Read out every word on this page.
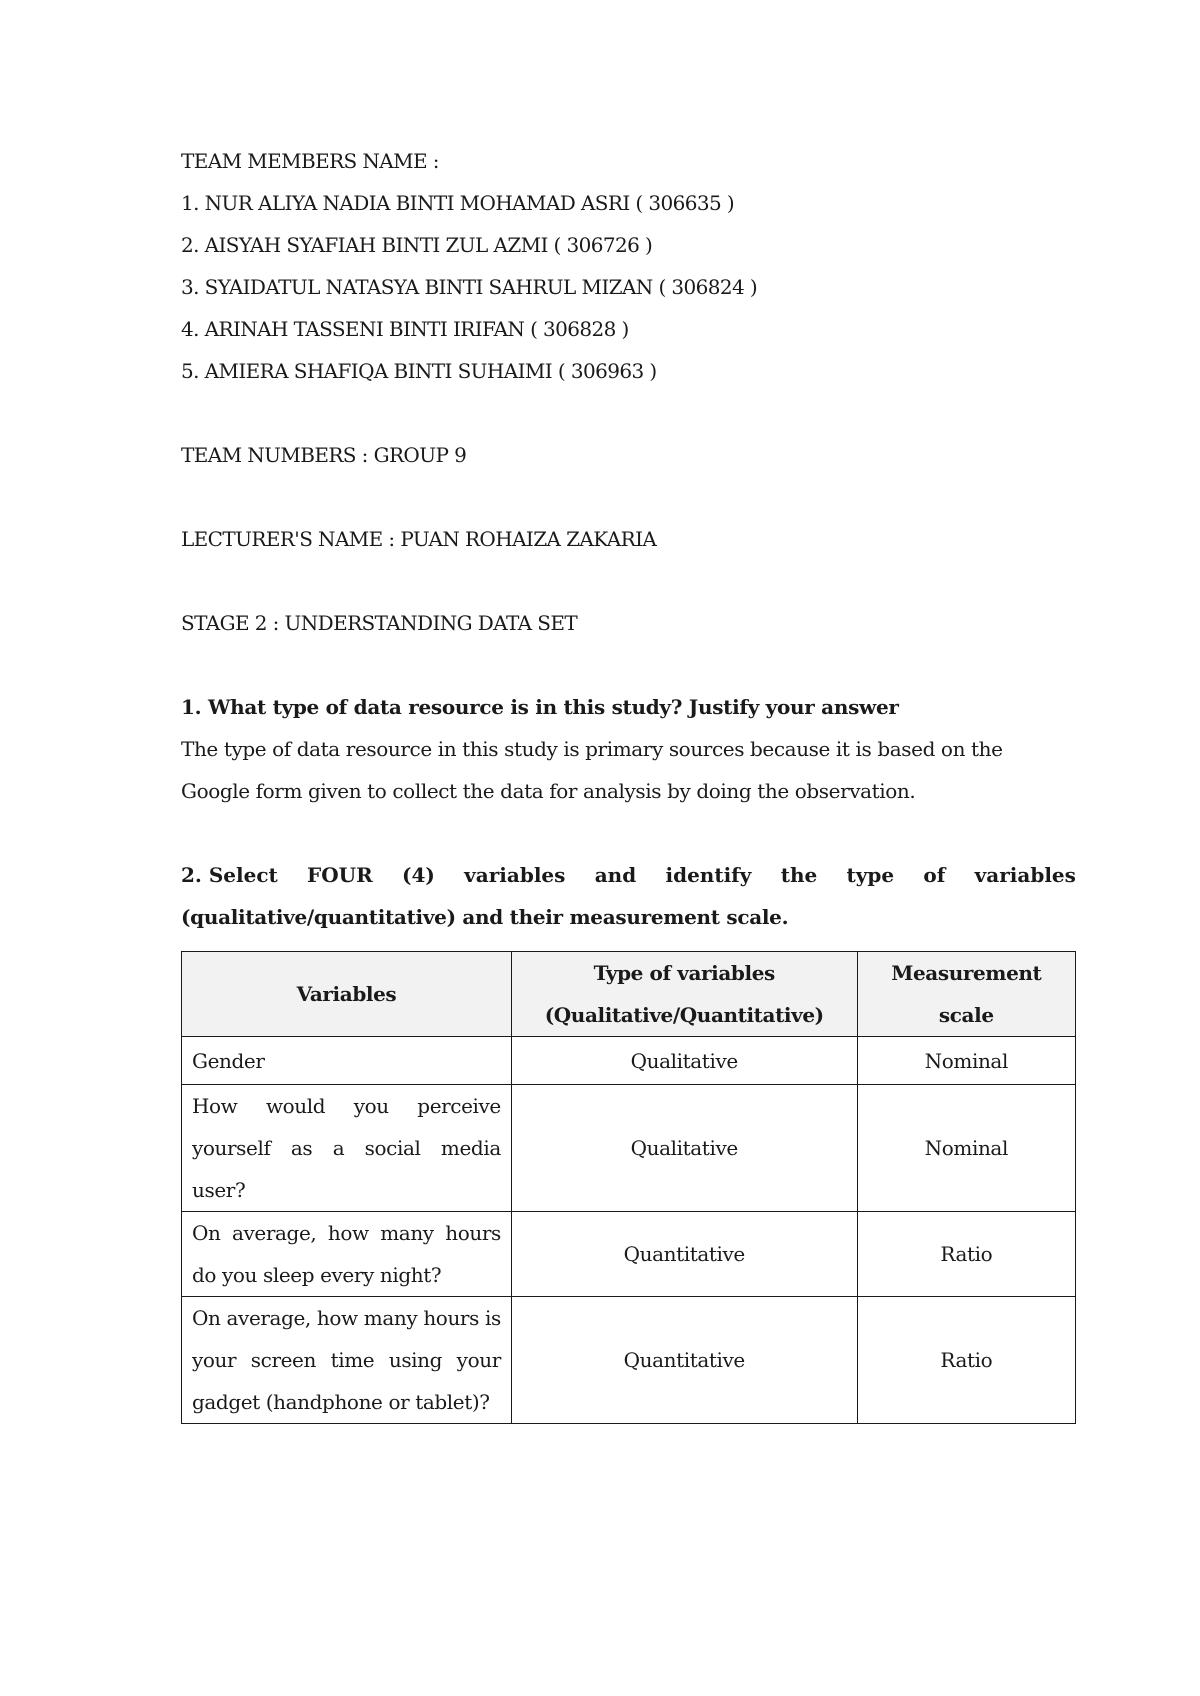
TEAM MEMBERS NAME :
1. NUR ALIYA NADIA BINTI MOHAMAD ASRI ( 306635 )
2. AISYAH SYAFIAH BINTI ZUL AZMI ( 306726 )
3. SYAIDATUL NATASYA BINTI SAHRUL MIZAN ( 306824 )
4. ARINAH TASSENI BINTI IRIFAN ( 306828 )
5. AMIERA SHAFIQA BINTI SUHAIMI ( 306963 )
TEAM NUMBERS : GROUP 9
LECTURER'S NAME : PUAN ROHAIZA ZAKARIA
STAGE 2 : UNDERSTANDING DATA SET
1. What type of data resource is in this study? Justify your answer
The type of data resource in this study is primary sources because it is based on the
Google form given to collect the data for analysis by doing the observation.
2. Select FOUR (4) variables and identify the type of variables
(qualitative/quantitative) and their measurement scale.
Variables	Type of variables (Qualitative/Quantitative)	Measurement scale
Gender	Qualitative	Nominal
How would you perceive yourself as a social media user?	Qualitative	Nominal
On average, how many hours do you sleep every night?	Quantitative	Ratio
On average, how many hours is your screen time using your gadget (handphone or tablet)?	Quantitative	Ratio
